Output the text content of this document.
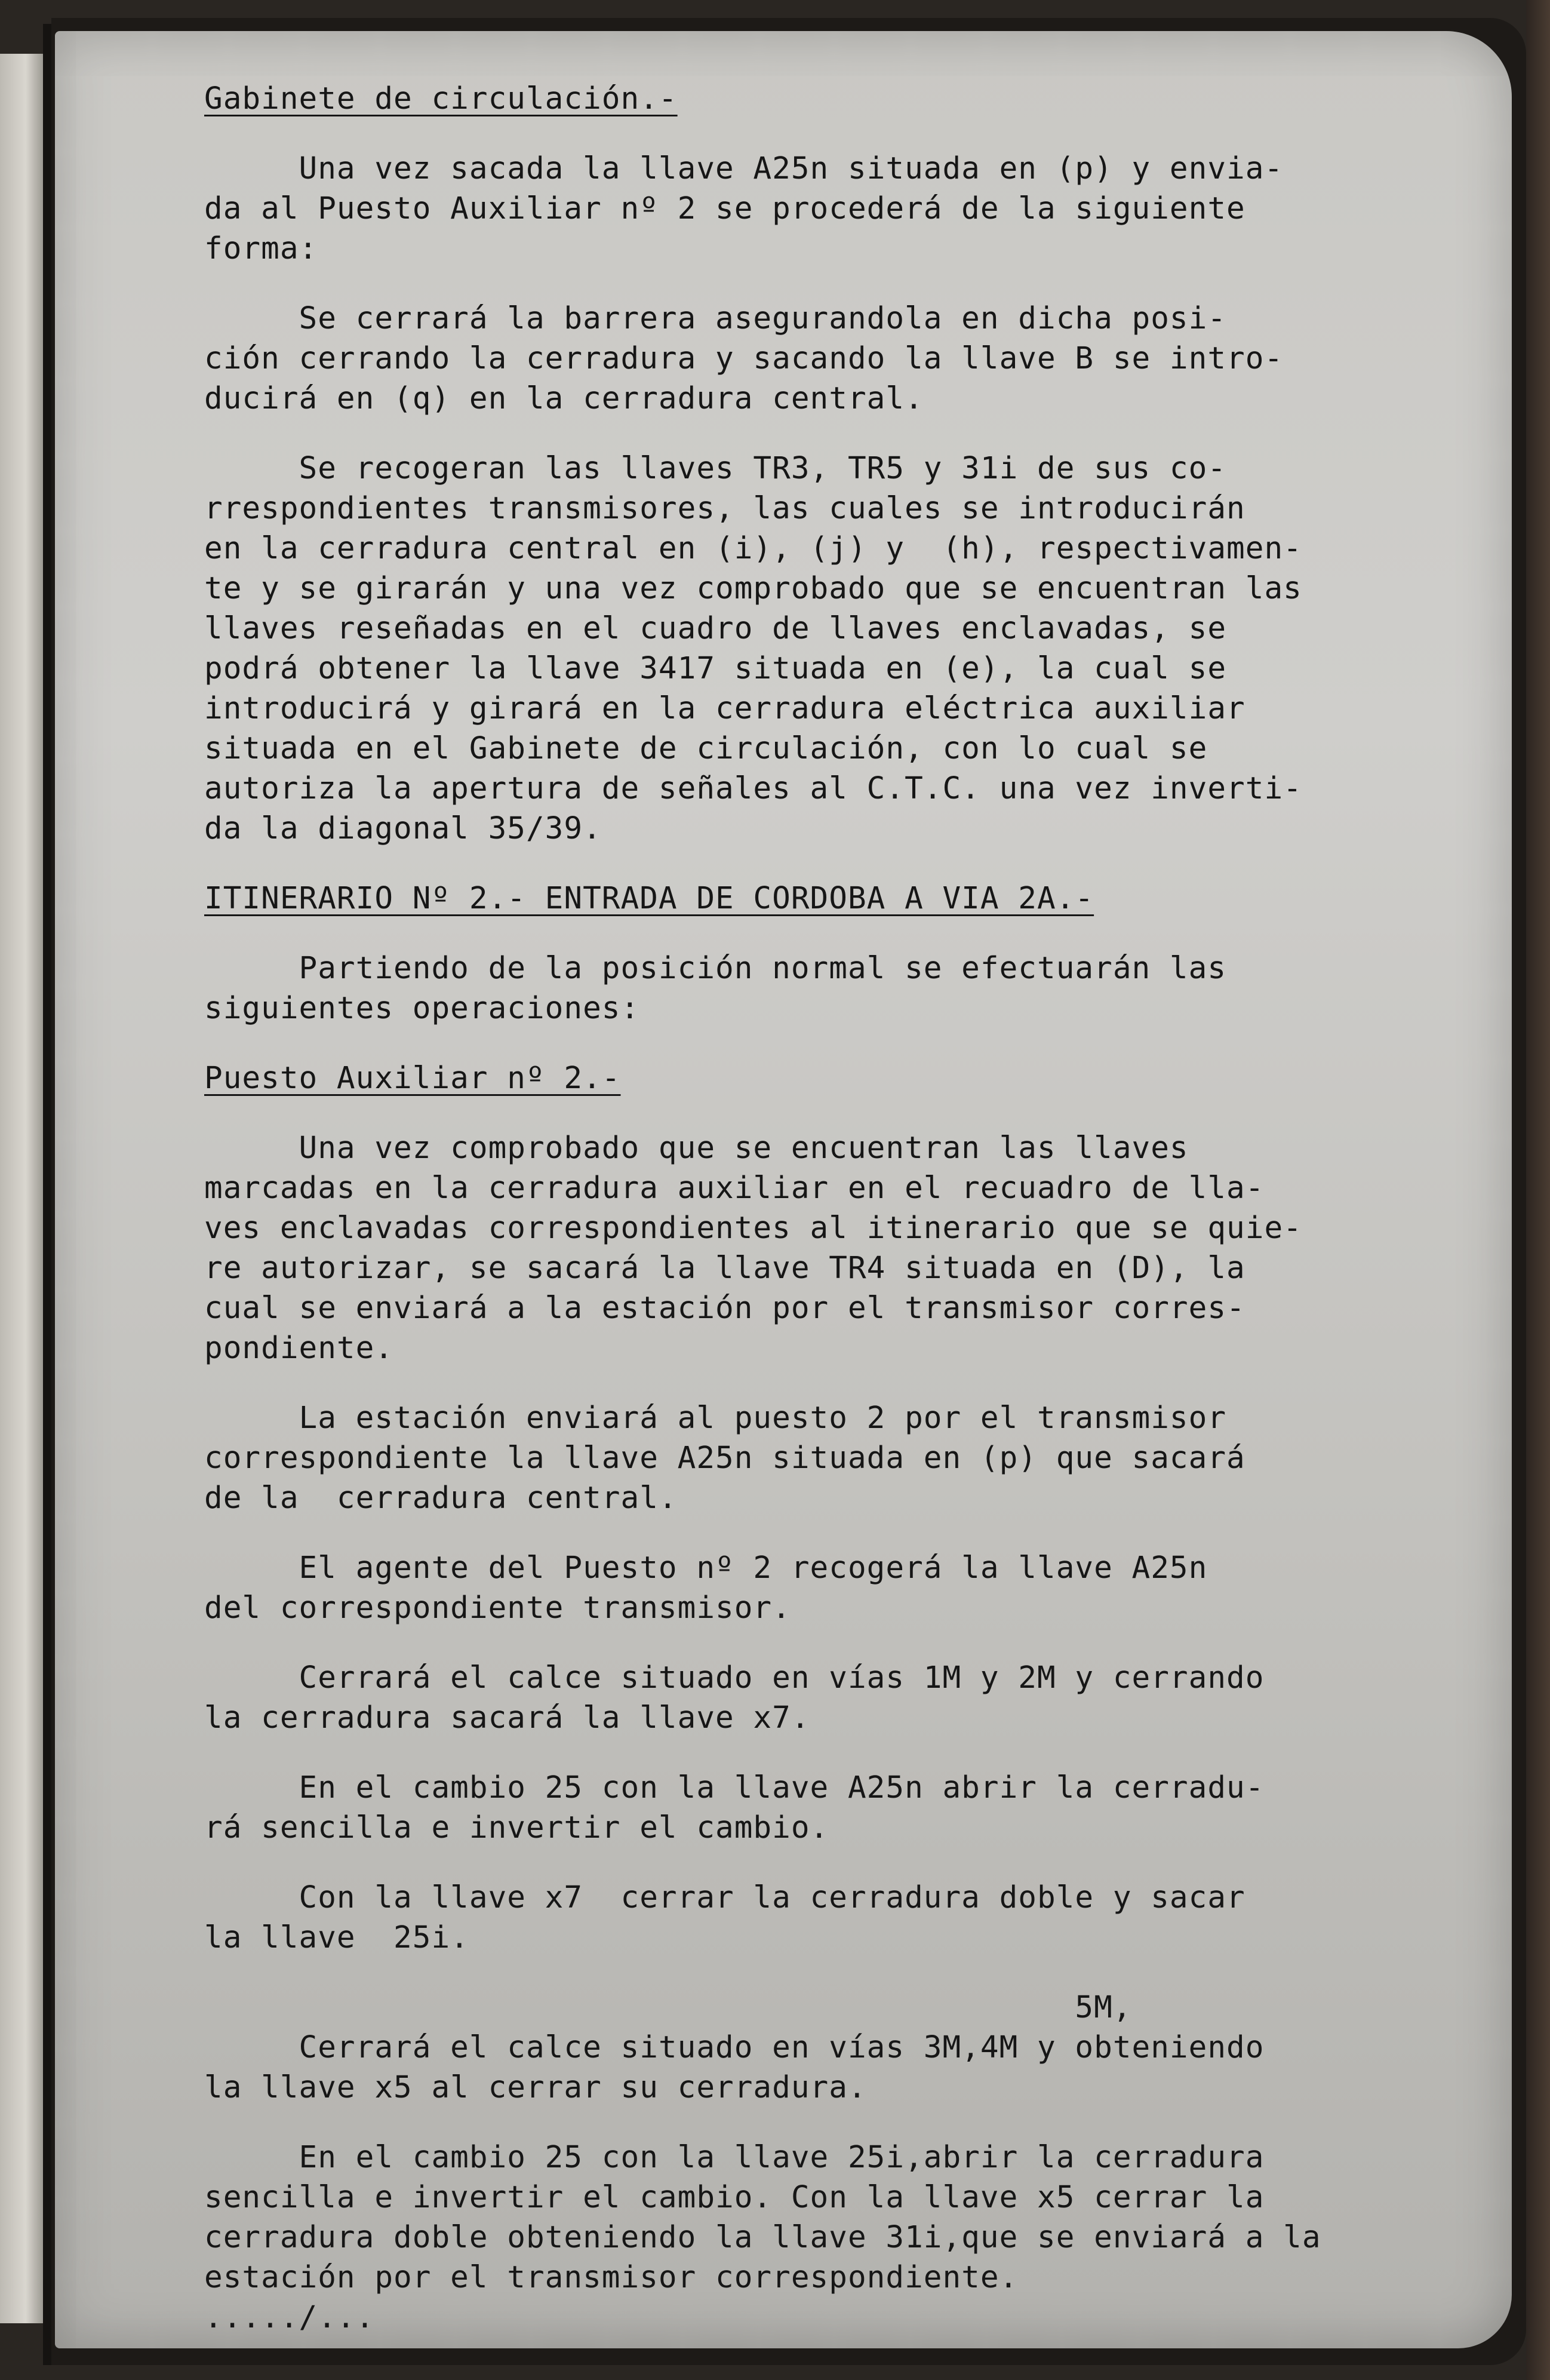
Gabinete de circulación.-

Una vez sacada la llave A25n situada en (p) y envia-

da al Puesto Auxiliar nº 2 se procederá de la siguiente

forma:

Se cerrará la barrera asegurandola en dicha posi-

ción cerrando la cerradura y sacando la llave B se intro-

ducirá en (q) en la cerradura central.

Se recogeran las llaves TR3, TR5 y 31i de sus co-

rrespondientes transmisores, las cuales se introducirán

en la cerradura central en (i), (j) y  (h), respectivamen-

te y se girarán y una vez comprobado que se encuentran las

llaves reseñadas en el cuadro de llaves enclavadas, se

podrá obtener la llave 3417 situada en (e), la cual se

introducirá y girará en la cerradura eléctrica auxiliar

situada en el Gabinete de circulación, con lo cual se

autoriza la apertura de señales al C.T.C. una vez inverti-

da la diagonal 35/39.

ITINERARIO Nº 2.- ENTRADA DE CORDOBA A VIA 2A.-

Partiendo de la posición normal se efectuarán las

siguientes operaciones:

Puesto Auxiliar nº 2.-

Una vez comprobado que se encuentran las llaves

marcadas en la cerradura auxiliar en el recuadro de lla-

ves enclavadas correspondientes al itinerario que se quie-

re autorizar, se sacará la llave TR4 situada en (D), la

cual se enviará a la estación por el transmisor corres-

pondiente.

La estación enviará al puesto 2 por el transmisor

correspondiente la llave A25n situada en (p) que sacará

de la  cerradura central.

El agente del Puesto nº 2 recogerá la llave A25n

del correspondiente transmisor.

Cerrará el calce situado en vías 1M y 2M y cerrando

la cerradura sacará la llave x7.

En el cambio 25 con la llave A25n abrir la cerradu-

rá sencilla e invertir el cambio.

Con la llave x7  cerrar la cerradura doble y sacar

la llave  25i.

5M,

Cerrará el calce situado en vías 3M,4M y obteniendo

la llave x5 al cerrar su cerradura.

En el cambio 25 con la llave 25i,abrir la cerradura

sencilla e invertir el cambio. Con la llave x5 cerrar la

cerradura doble obteniendo la llave 31i,que se enviará a la

estación por el transmisor correspondiente.

...../...
